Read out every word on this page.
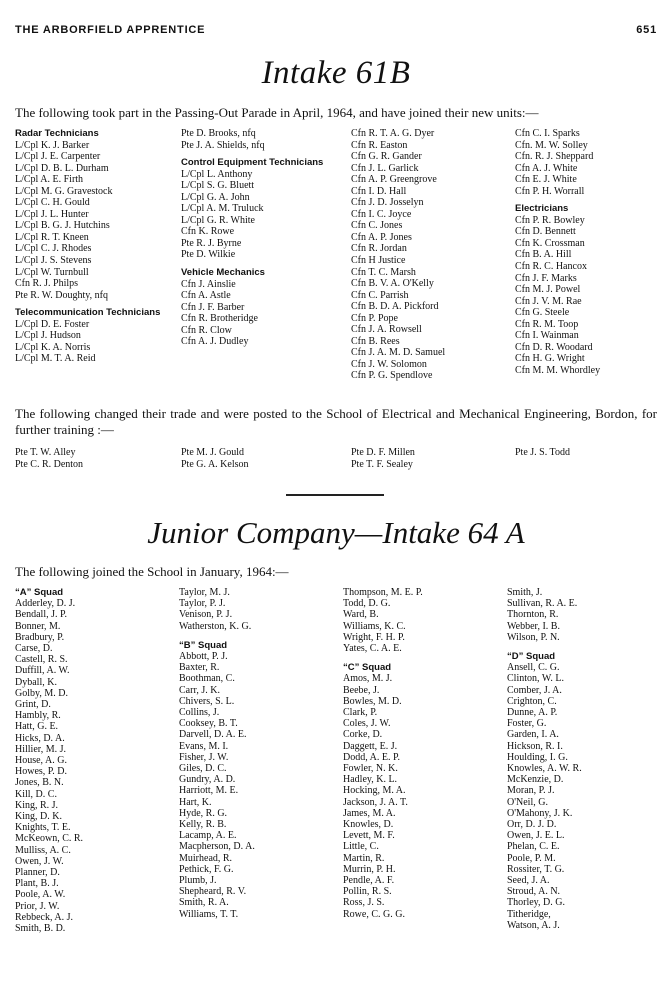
THE ARBORFIELD APPRENTICE	651
Intake 61B
The following took part in the Passing-Out Parade in April, 1964, and have joined their new units:—
Radar Technicians
L/Cpl K. J. Barker
L/Cpl J. E. Carpenter
L/Cpl D. B. L. Durham
L/Cpl A. E. Firth
L/Cpl M. G. Gravestock
L/Cpl C. H. Gould
L/Cpl J. L. Hunter
L/Cpl B. G. J. Hutchins
L/Cpl R. T. Kneen
L/Cpl C. J. Rhodes
L/Cpl J. S. Stevens
L/Cpl W. Turnbull
Cfn R. J. Philps
Pte R. W. Doughty, nfq
Telecommunication Technicians
L/Cpl D. E. Foster
L/Cpl J. Hudson
L/Cpl K. A. Norris
L/Cpl M. T. A. Reid
Pte D. Brooks, nfq
Pte J. A. Shields, nfq
Control Equipment Technicians
L/Cpl L. Anthony
L/Cpl S. G. Bluett
L/Cpl G. A. John
L/Cpl A. M. Truluck
L/Cpl G. R. White
Cfn K. Rowe
Pte R. J. Byrne
Pte D. Wilkie
Vehicle Mechanics
Cfn J. Ainslie
Cfn A. Astle
Cfn J. F. Barber
Cfn R. Brotheridge
Cfn R. Clow
Cfn A. J. Dudley
Cfn R. T. A. G. Dyer
Cfn R. Easton
Cfn G. R. Gander
Cfn J. L. Garlick
Cfn A. P. Greengrove
Cfn I. D. Hall
Cfn J. D. Josselyn
Cfn I. C. Joyce
Cfn C. Jones
Cfn A. P. Jones
Cfn R. Jordan
Cfn H Justice
Cfn T. C. Marsh
Cfn B. V. A. O'Kelly
Cfn C. Parrish
Cfn B. D. A. Pickford
Cfn P. Pope
Cfn J. A. Rowsell
Cfn B. Rees
Cfn J. A. M. D. Samuel
Cfn J. W. Solomon
Cfn P. G. Spendlove
Cfn C. I. Sparks
Cfn. M. W. Solley
Cfn. R. J. Sheppard
Cfn A. J. White
Cfn E. J. White
Cfn P. H. Worrall
Electricians
Cfn P. R. Bowley
Cfn D. Bennett
Cfn K. Crossman
Cfn B. A. Hill
Cfn R. C. Hancox
Cfn J. F. Marks
Cfn M. J. Powel
Cfn J. V. M. Rae
Cfn G. Steele
Cfn R. M. Toop
Cfn I. Wainman
Cfn D. R. Woodard
Cfn H. G. Wright
Cfn M. M. Whordley
The following changed their trade and were posted to the School of Electrical and Mechanical Engineering, Bordon, for further training :—
Pte T. W. Alley
Pte C. R. Denton
Pte M. J. Gould
Pte G. A. Kelson
Pte D. F. Millen
Pte T. F. Sealey
Pte J. S. Todd
Junior Company—Intake 64 A
The following joined the School in January, 1964:—
“A” Squad
Adderley, D. J.
Bendall, J. P.
Bonner, M.
Bradbury, P.
Carse, D.
Castell, R. S.
Duffill, A. W.
Dyball, K.
Golby, M. D.
Grint, D.
Hambly, R.
Hatt, G. E.
Hicks, D. A.
Hillier, M. J.
House, A. G.
Howes, P. D.
Jones, B. N.
Kill, D. C.
King, R. J.
King, D. K.
Knights, T. E.
McKeown, C. R.
Mulliss, A. C.
Owen, J. W.
Planner, D.
Plant, B. J.
Poole, A. W.
Prior, J. W.
Rebbeck, A. J.
Smith, B. D.
Taylor, M. J.
Taylor, P. J.
Venison, P. J.
Watherston, K. G.
“B” Squad
Abbott, P. J.
Baxter, R.
Boothman, C.
Carr, J. K.
Chivers, S. L.
Collins, J.
Cooksey, B. T.
Darvell, D. A. E.
Evans, M. I.
Fisher, J. W.
Giles, D. C.
Gundry, A. D.
Harriott, M. E.
Hart, K.
Hyde, R. G.
Kelly, R. B.
Lacamp, A. E.
Macpherson, D. A.
Muirhead, R.
Pethick, F. G.
Plumb, J.
Shepheard, R. V.
Smith, R. A.
Williams, T. T.
Thompson, M. E. P.
Todd, D. G.
Ward, B.
Williams, K. C.
Wright, F. H. P.
Yates, C. A. E.
“C” Squad
Amos, M. J.
Beebe, J.
Bowles, M. D.
Clark, P.
Coles, J. W.
Corke, D.
Daggett, E. J.
Dodd, A. E. P.
Fowler, N. K.
Hadley, K. L.
Hocking, M. A.
Jackson, J. A. T.
James, M. A.
Knowles, D.
Levett, M. F.
Little, C.
Martin, R.
Murrin, P. H.
Pendle, A. F.
Pollin, R. S.
Ross, J. S.
Rowe, C. G. G.
Smith, J.
Sullivan, R. A. E.
Thornton, R.
Webber, I. B.
Wilson, P. N.
“D” Squad
Ansell, C. G.
Clinton, W. L.
Comber, J. A.
Crighton, C.
Dunne, A. P.
Foster, G.
Garden, I. A.
Hickson, R. I.
Houlding, I. G.
Knowles, A. W. R.
McKenzie, D.
Moran, P. J.
O'Neil, G.
O'Mahony, J. K.
Orr, D. J. D.
Owen, J. E. L.
Phelan, C. E.
Poole, P. M.
Rossiter, T. G.
Seed, J. A.
Stroud, A. N.
Thorley, D. G.
Titheridge,
Watson, A. J.
